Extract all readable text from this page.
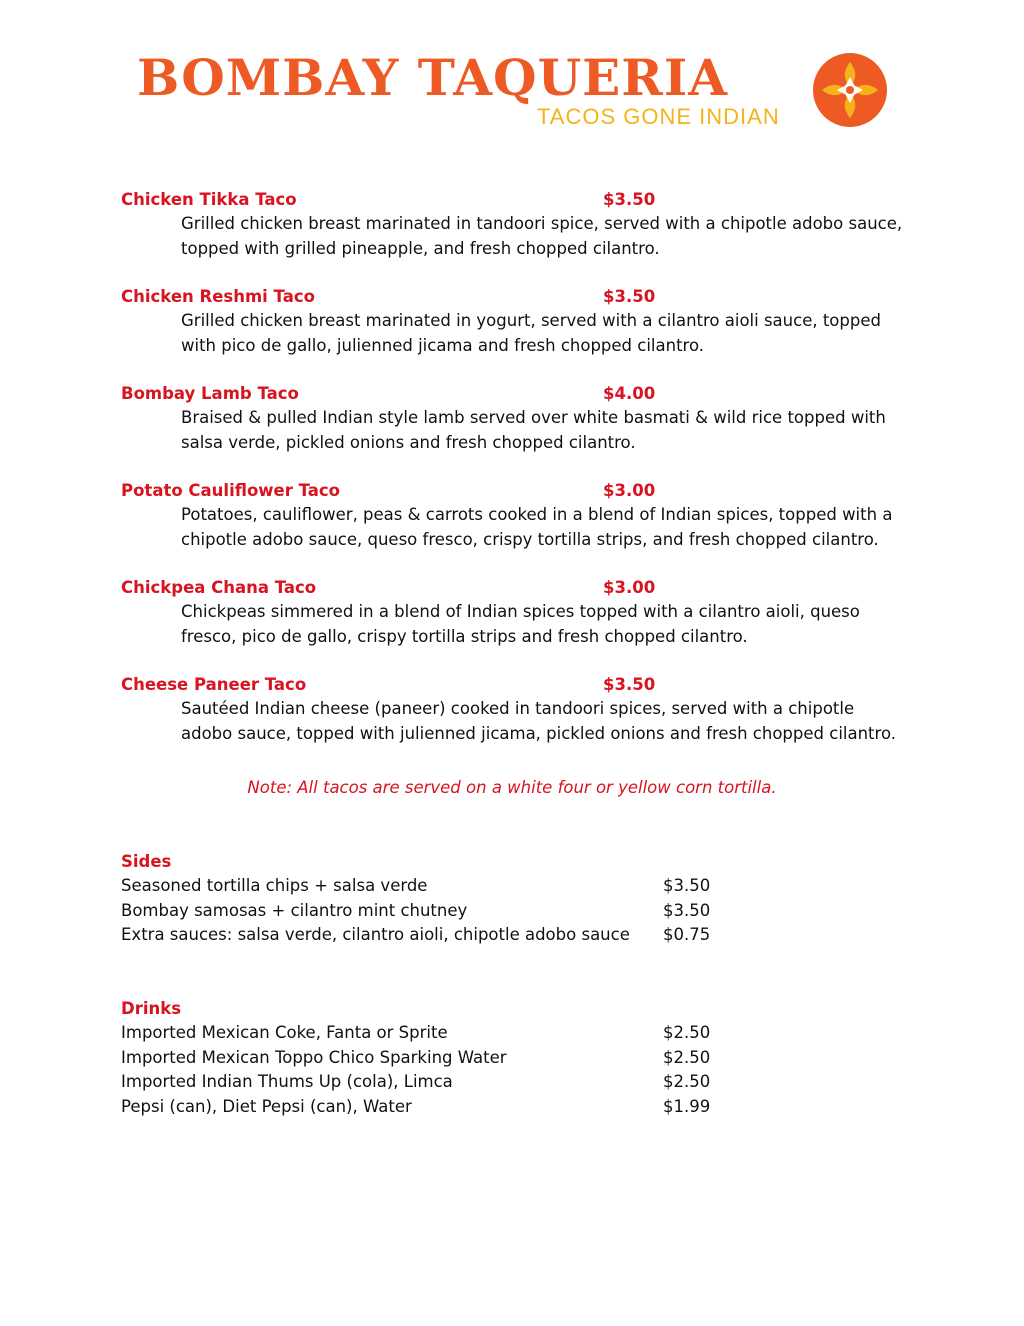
BOMBAY TAQUERIA
TACOS GONE INDIAN
Chicken Tikka Taco	$3.50
Grilled chicken breast marinated in tandoori spice, served with a chipotle adobo sauce, topped with grilled pineapple, and fresh chopped cilantro.
Chicken Reshmi Taco	$3.50
Grilled chicken breast marinated in yogurt, served with a cilantro aioli sauce, topped with pico de gallo, julienned jicama and fresh chopped cilantro.
Bombay Lamb Taco	$4.00
Braised & pulled Indian style lamb served over white basmati & wild rice topped with salsa verde, pickled onions and fresh chopped cilantro.
Potato Cauliflower Taco	$3.00
Potatoes, cauliflower, peas & carrots cooked in a blend of Indian spices, topped with a chipotle adobo sauce, queso fresco, crispy tortilla strips, and fresh chopped cilantro.
Chickpea Chana Taco	$3.00
Chickpeas simmered in a blend of Indian spices topped with a cilantro aioli, queso fresco, pico de gallo, crispy tortilla strips and fresh chopped cilantro.
Cheese Paneer Taco	$3.50
Sautéed Indian cheese (paneer) cooked in tandoori spices, served with a chipotle adobo sauce, topped with julienned jicama, pickled onions and fresh chopped cilantro.
Note: All tacos are served on a white four or yellow corn tortilla.
Sides
Seasoned tortilla chips + salsa verde	$3.50
Bombay samosas + cilantro mint chutney	$3.50
Extra sauces: salsa verde, cilantro aioli, chipotle adobo sauce $0.75
Drinks
Imported Mexican Coke, Fanta or Sprite	$2.50
Imported Mexican Toppo Chico Sparking Water	$2.50
Imported Indian Thums Up (cola), Limca	$2.50
Pepsi (can), Diet Pepsi (can), Water	$1.99
